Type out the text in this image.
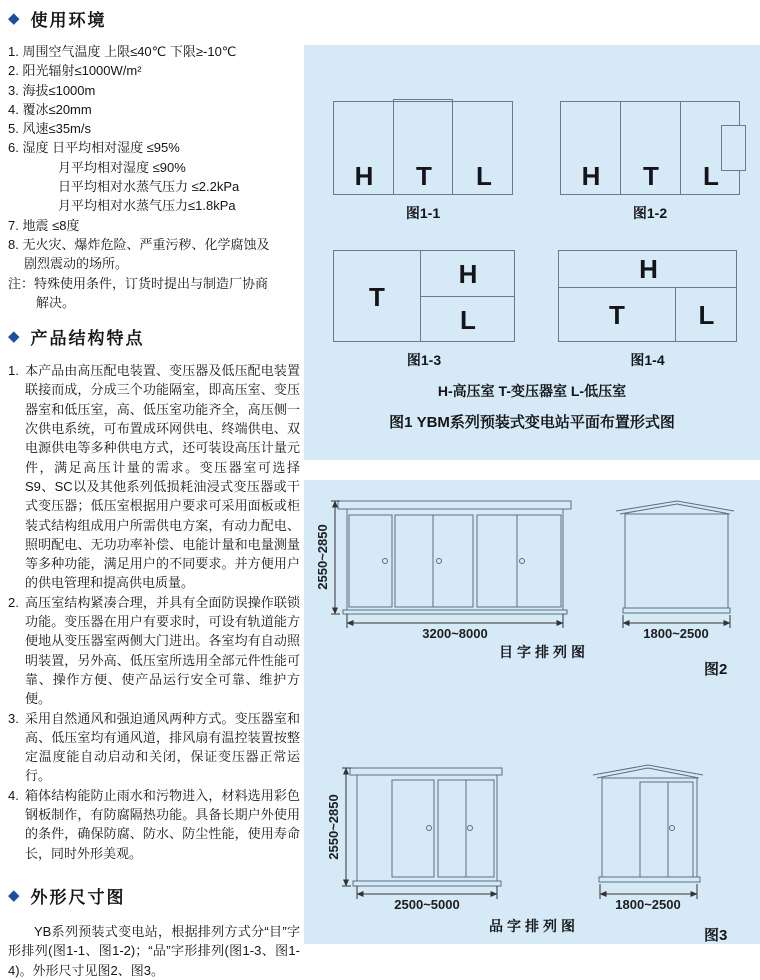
◆ 使用环境
1. 周围空气温度 上限≤40℃ 下限≥-10℃
2. 阳光辐射≤1000W/m²
3. 海拔≤1000m
4. 覆冰≤20mm
5. 风速≤35m/s
6. 湿度 日平均相对湿度 ≤95%
月平均相对湿度 ≤90%
日平均相对水蒸气压力 ≤2.2kPa
月平均相对水蒸气压力≤1.8kPa
7. 地震 ≤8度
8. 无火灾、爆炸危险、严重污秽、化学腐蚀及
剧烈震动的场所。
注：特殊使用条件，订货时提出与制造厂协商
解决。
◆ 产品结构特点
1. 本产品由高压配电装置、变压器及低压配电装置联接而成，分成三个功能隔室，即高压室、变压器室和低压室，高、低压室功能齐全，高压侧一次供电系统，可布置成环网供电、终端供电、双电源供电等多种供电方式，还可装设高压计量元件，满足高压计量的需求。变压器室可选择S9、SC以及其他系列低损耗油浸式变压器或干式变压器；低压室根据用户要求可采用面板或柜装式结构组成用户所需供电方案，有动力配电、照明配电、无功功率补偿、电能计量和电量测量等多种功能，满足用户的不同要求。并方便用户的供电管理和提高供电质量。
2. 高压室结构紧凑合理，并具有全面防误操作联锁功能。变压器在用户有要求时，可设有轨道能方便地从变压器室两侧大门进出。各室均有自动照明装置，另外高、低压室所选用全部元件性能可靠、操作方便、使产品运行安全可靠、维护方便。
3. 采用自然通风和强迫通风两种方式。变压器室和高、低压室均有通风道，排风扇有温控装置按整定温度能自动启动和关闭，保证变压器正常运行。
4. 箱体结构能防止雨水和污物进入，材料选用彩色钢板制作，有防腐隔热功能。具备长期户外使用的条件，确保防腐、防水、防尘性能，使用寿命长，同时外形美观。
◆ 外形尺寸图
YB系列预装式变电站，根据排列方式分“目”字形排列(图1-1、图1-2)；“品”字形排列(图1-3、图1-4)。外形尺寸见图2、图3。
H T L
图1-1
H T L
图1-2
T
H
L
图1-3
H
T	L
图1-4
H-高压室 T-变压器室 L-低压室
图1 YBM系列预装式变电站平面布置形式图
2550~2850
3200~8000	1800~2500
目字排列图
图2
2550~2850
2500~5000	1800~2500
品字排列图
图3
